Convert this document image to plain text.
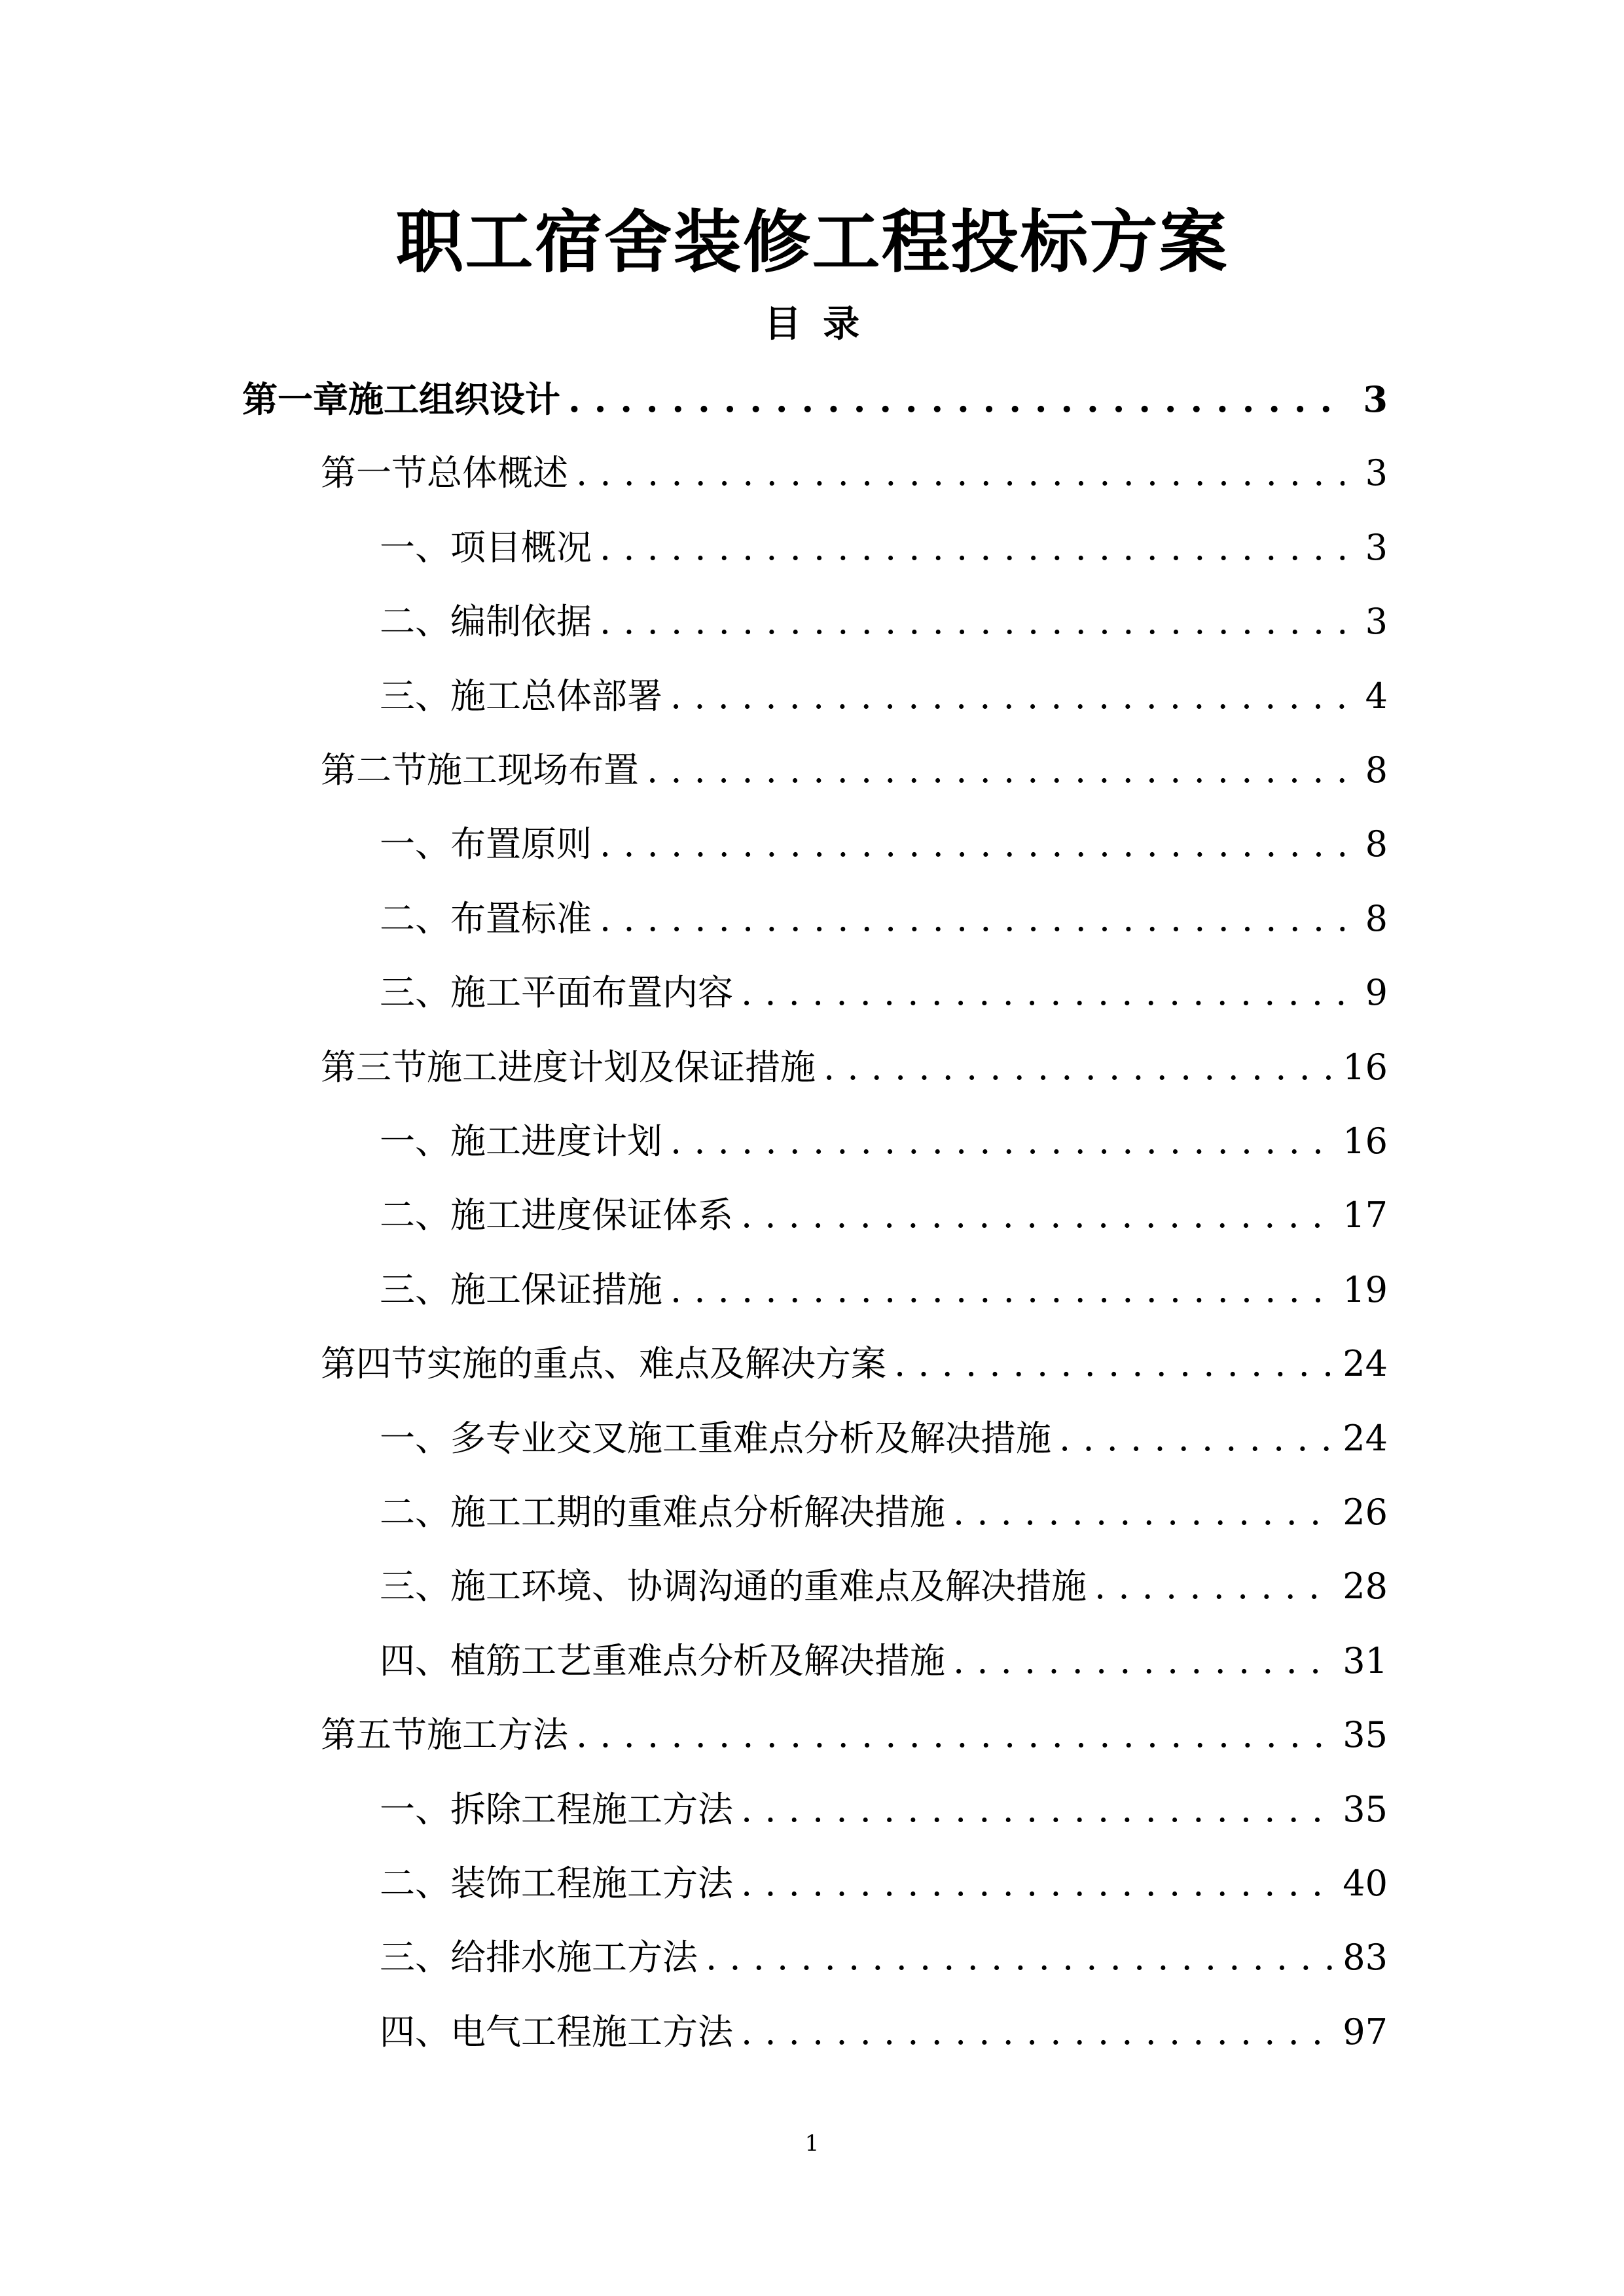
职工宿舍装修工程投标方案
目 录
第一章 施工组织设计 . . .	3
第一节 总体概述 . . .	3
一、 项目概况 . . .	3
二、 编制依据 . . .	3
三、 施工总体部署 . . .	4
第二节 施工现场布置 . . .	8
一、 布置原则 . . .	8
二、 布置标准 . . .	8
三、 施工平面布置内容 . . .	9
第三节 施工进度计划及保证措施 . . .	16
一、 施工进度计划 . . .	16
二、 施工进度保证体系 . . .	17
三、 施工保证措施 . . .	19
第四节 实施的重点、难点及解决方案 . . .	24
一、 多专业交叉施工重难点分析及解决措施 . . .	24
二、 施工工期的重难点分析解决措施 . . .	26
三、 施工环境、协调沟通的重难点及解决措施 . . .	28
四、 植筋工艺重难点分析及解决措施 . . .	31
第五节 施工方法 . . .	35
一、 拆除工程施工方法 . . .	35
二、 装饰工程施工方法 . . .	40
三、 给排水施工方法 . . .	83
四、 电气工程施工方法 . . .	97
1
